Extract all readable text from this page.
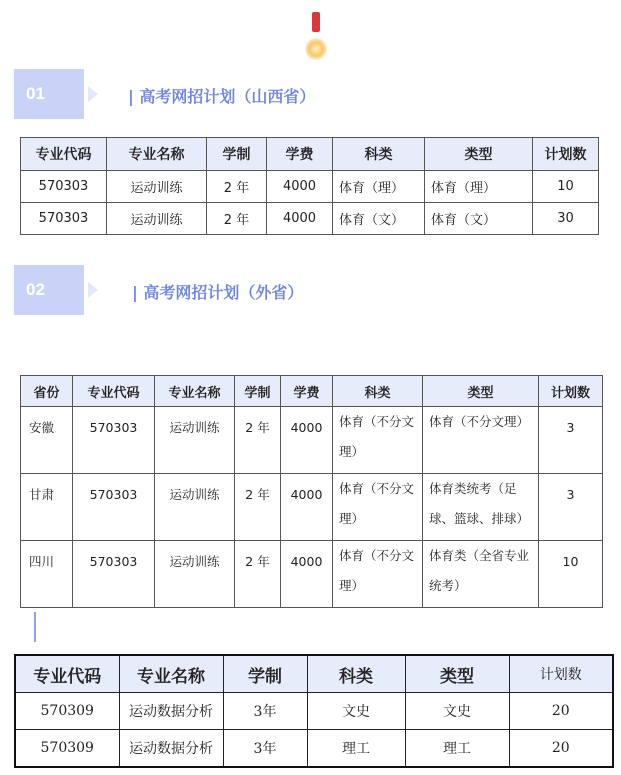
01	| 高考网招计划（山西省）
专业代码	专业名称	学制	学费	科类	类型	计划数
570303	运动训练	2 年	4000	体育（理）	体育（理）	10
570303	运动训练	2 年	4000	体育（文）	体育（文）	30
02	| 高考网招计划（外省）
省份	专业代码	专业名称	学制	学费	科类	类型	计划数
安徽	570303	运动训练	2 年	4000	体育（不分文理）	体育（不分文理）	3
甘肃	570303	运动训练	2 年	4000	体育（不分文理）	体育类统考（足球、篮球、排球）	3
四川	570303	运动训练	2 年	4000	体育（不分文理）	体育类（全省专业统考）	10
专业代码	专业名称	学制	科类	类型	计划数
570309	运动数据分析	3年	文史	文史	20
570309	运动数据分析	3年	理工	理工	20
